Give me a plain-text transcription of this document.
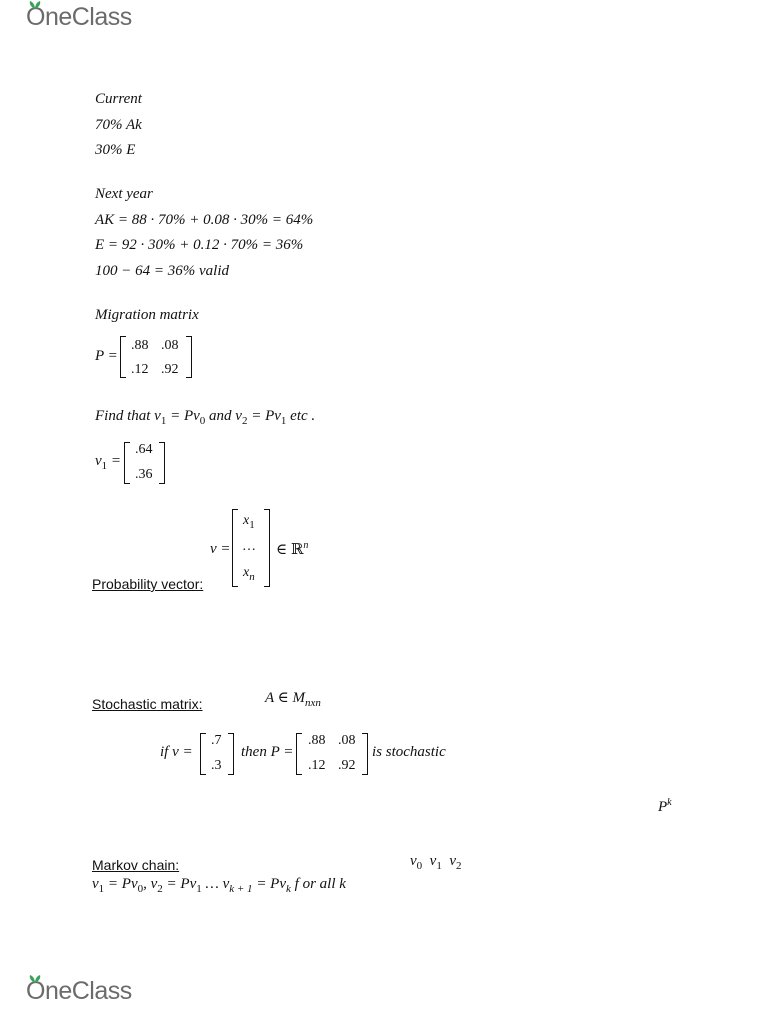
OneClass
Current
70% Ak
30% E
Next year
AK = 88 · 70% + 0.08 · 30% = 64%
E = 92 · 30% + 0.12 · 70% = 36%
100 − 64 = 36% valid
Migration matrix
P =
.88 .08
.12 .92
Find that $v_1 = Pv_0$ and $v_2 = Pv_1$ etc .
$v_1$ =
.64
.36
Probability vector:
v =
$x_1$
…
$x_n$
∈ ℝ$^n$
Stochastic matrix:	A ∈ $M_{nxn}$
if v =
.7
.3
then P =
.88 .08
.12 .92
is stochastic
$P^k$
Markov chain:	$v_0$ $v_1$ $v_2$
$v_1 = Pv_0$, $v_2 = Pv_1$ … $v_{k + 1} = Pv_k$ f or all k
OneClass
